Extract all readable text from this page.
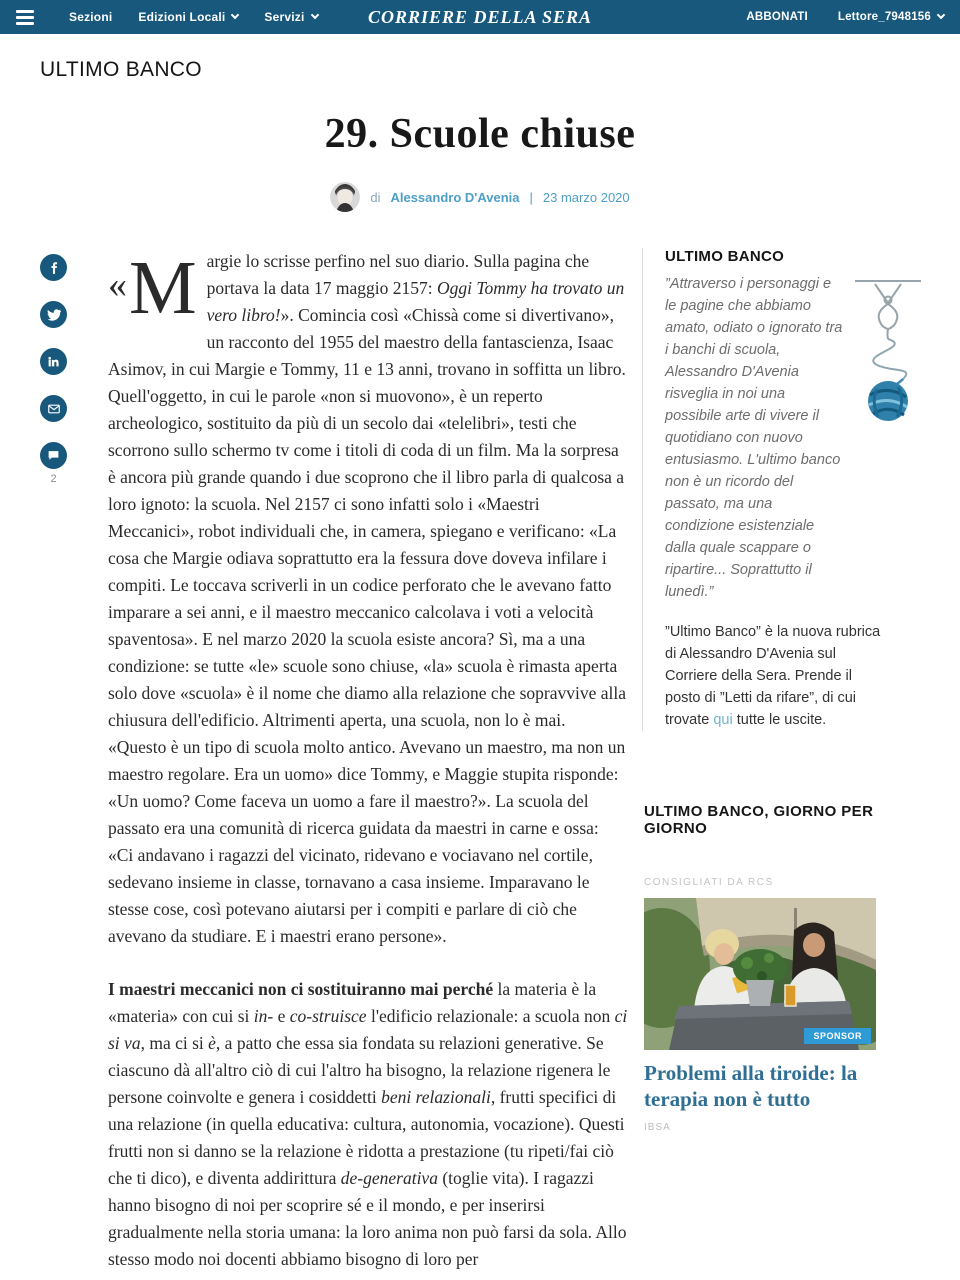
Sezioni Edizioni Locali	Servizi	CORRIERE DELLA SERA	ABBONATI	Lettore_7948156
ULTIMO BANCO
29. Scuole chiuse
di Alessandro D'Avenia | 23 marzo 2020
2

«M argie lo scrisse perfino nel suo diario. Sulla pagina che portava la data 17 maggio 2157: Oggi Tommy ha trovato un vero libro!». Comincia così «Chissà come si divertivano», un racconto del 1955 del maestro della fantascienza, Isaac Asimov, in cui Margie e Tommy, 11 e 13 anni, trovano in soffitta un libro. Quell'oggetto, in cui le parole «non si muovono», è un reperto archeologico, sostituito da più di un secolo dai «telelibri», testi che scorrono sullo schermo tv come i titoli di coda di un film. Ma la sorpresa è ancora più grande quando i due scoprono che il libro parla di qualcosa a loro ignoto: la scuola. Nel 2157 ci sono infatti solo i «Maestri Meccanici», robot individuali che, in camera, spiegano e verificano: «La cosa che Margie odiava soprattutto era la fessura dove doveva infilare i compiti. Le toccava scriverli in un codice perforato che le avevano fatto imparare a sei anni, e il maestro meccanico calcolava i voti a velocità spaventosa». E nel marzo 2020 la scuola esiste ancora? Sì, ma a una condizione: se tutte «le» scuole sono chiuse, «la» scuola è rimasta aperta solo dove «scuola» è il nome che diamo alla relazione che sopravvive alla chiusura dell'edificio. Altrimenti aperta, una scuola, non lo è mai. «Questo è un tipo di scuola molto antico. Avevano un maestro, ma non un maestro regolare. Era un uomo» dice Tommy, e Maggie stupita risponde: «Un uomo? Come faceva un uomo a fare il maestro?». La scuola del passato era una comunità di ricerca guidata da maestri in carne e ossa: «Ci andavano i ragazzi del vicinato, ridevano e vociavano nel cortile, sedevano insieme in classe, tornavano a casa insieme. Imparavano le stesse cose, così potevano aiutarsi per i compiti e parlare di ciò che avevano da studiare. E i maestri erano persone».

I maestri meccanici non ci sostituiranno mai perché la materia è la «materia» con cui si in- e co-struisce l'edificio relazionale: a scuola non ci si va, ma ci si è, a patto che essa sia fondata su relazioni generative. Se ciascuno dà all'altro ciò di cui l'altro ha bisogno, la relazione rigenera le persone coinvolte e genera i cosiddetti beni relazionali, frutti specifici di una relazione (in quella educativa: cultura, autonomia, vocazione). Questi frutti non si danno se la relazione è ridotta a prestazione (tu ripeti/fai ciò che ti dico), e diventa addirittura de-generativa (toglie vita). I ragazzi hanno bisogno di noi per scoprire sé e il mondo, e per inserirsi gradualmente nella storia umana: la loro anima non può farsi da sola. Allo stesso modo noi docenti abbiamo bisogno di loro per

ULTIMO BANCO
”Attraverso i personaggi e le pagine che abbiamo amato, odiato o ignorato tra i banchi di scuola, Alessandro D'Avenia risveglia in noi una possibile arte di vivere il quotidiano con nuovo entusiasmo. L'ultimo banco non è un ricordo del passato, ma una condizione esistenziale dalla quale scappare o ripartire... Soprattutto il lunedì.”
”Ultimo Banco” è la nuova rubrica di Alessandro D'Avenia sul Corriere della Sera. Prende il posto di ”Letti da rifare”, di cui trovate qui tutte le uscite.
ULTIMO BANCO, GIORNO PER GIORNO
CONSIGLIATI DA RCS
SPONSOR
Problemi alla tiroide: la terapia non è tutto
IBSA
